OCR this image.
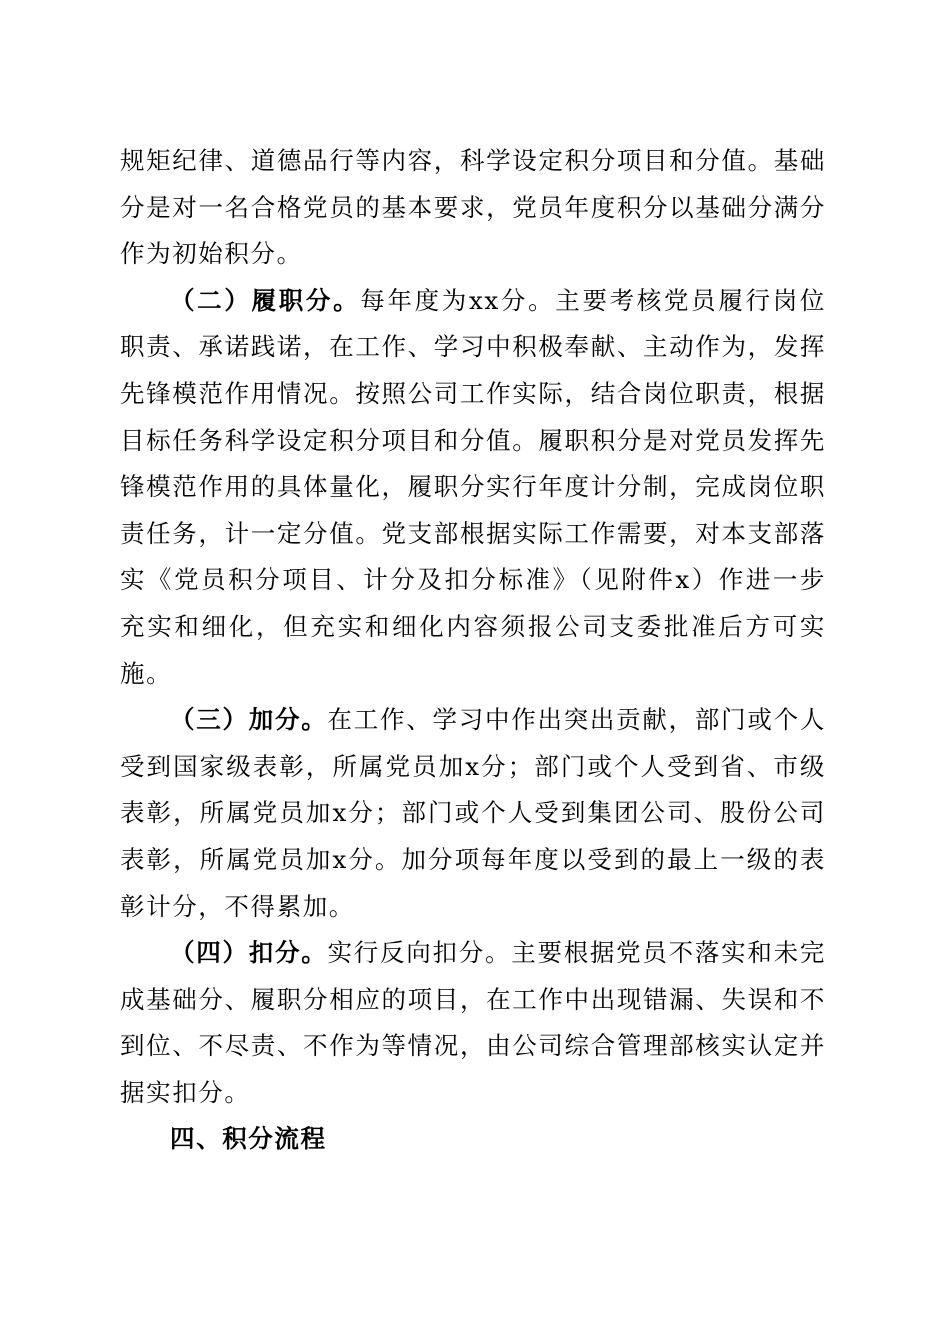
规矩纪律、道德品行等内容，科学设定积分项目和分值。基础分是对一名合格党员的基本要求，党员年度积分以基础分满分作为初始积分。

（二）履职分。每年度为xx分。主要考核党员履行岗位职责、承诺践诺，在工作、学习中积极奉献、主动作为，发挥先锋模范作用情况。按照公司工作实际，结合岗位职责，根据目标任务科学设定积分项目和分值。履职积分是对党员发挥先锋模范作用的具体量化，履职分实行年度计分制，完成岗位职责任务，计一定分值。党支部根据实际工作需要，对本支部落实《党员积分项目、计分及扣分标准》（见附件x）作进一步充实和细化，但充实和细化内容须报公司支委批准后方可实施。

（三）加分。在工作、学习中作出突出贡献，部门或个人受到国家级表彰，所属党员加x分；部门或个人受到省、市级表彰，所属党员加x分；部门或个人受到集团公司、股份公司表彰，所属党员加x分。加分项每年度以受到的最上一级的表彰计分，不得累加。

（四）扣分。实行反向扣分。主要根据党员不落实和未完成基础分、履职分相应的项目，在工作中出现错漏、失误和不到位、不尽责、不作为等情况，由公司综合管理部核实认定并据实扣分。

四、积分流程
